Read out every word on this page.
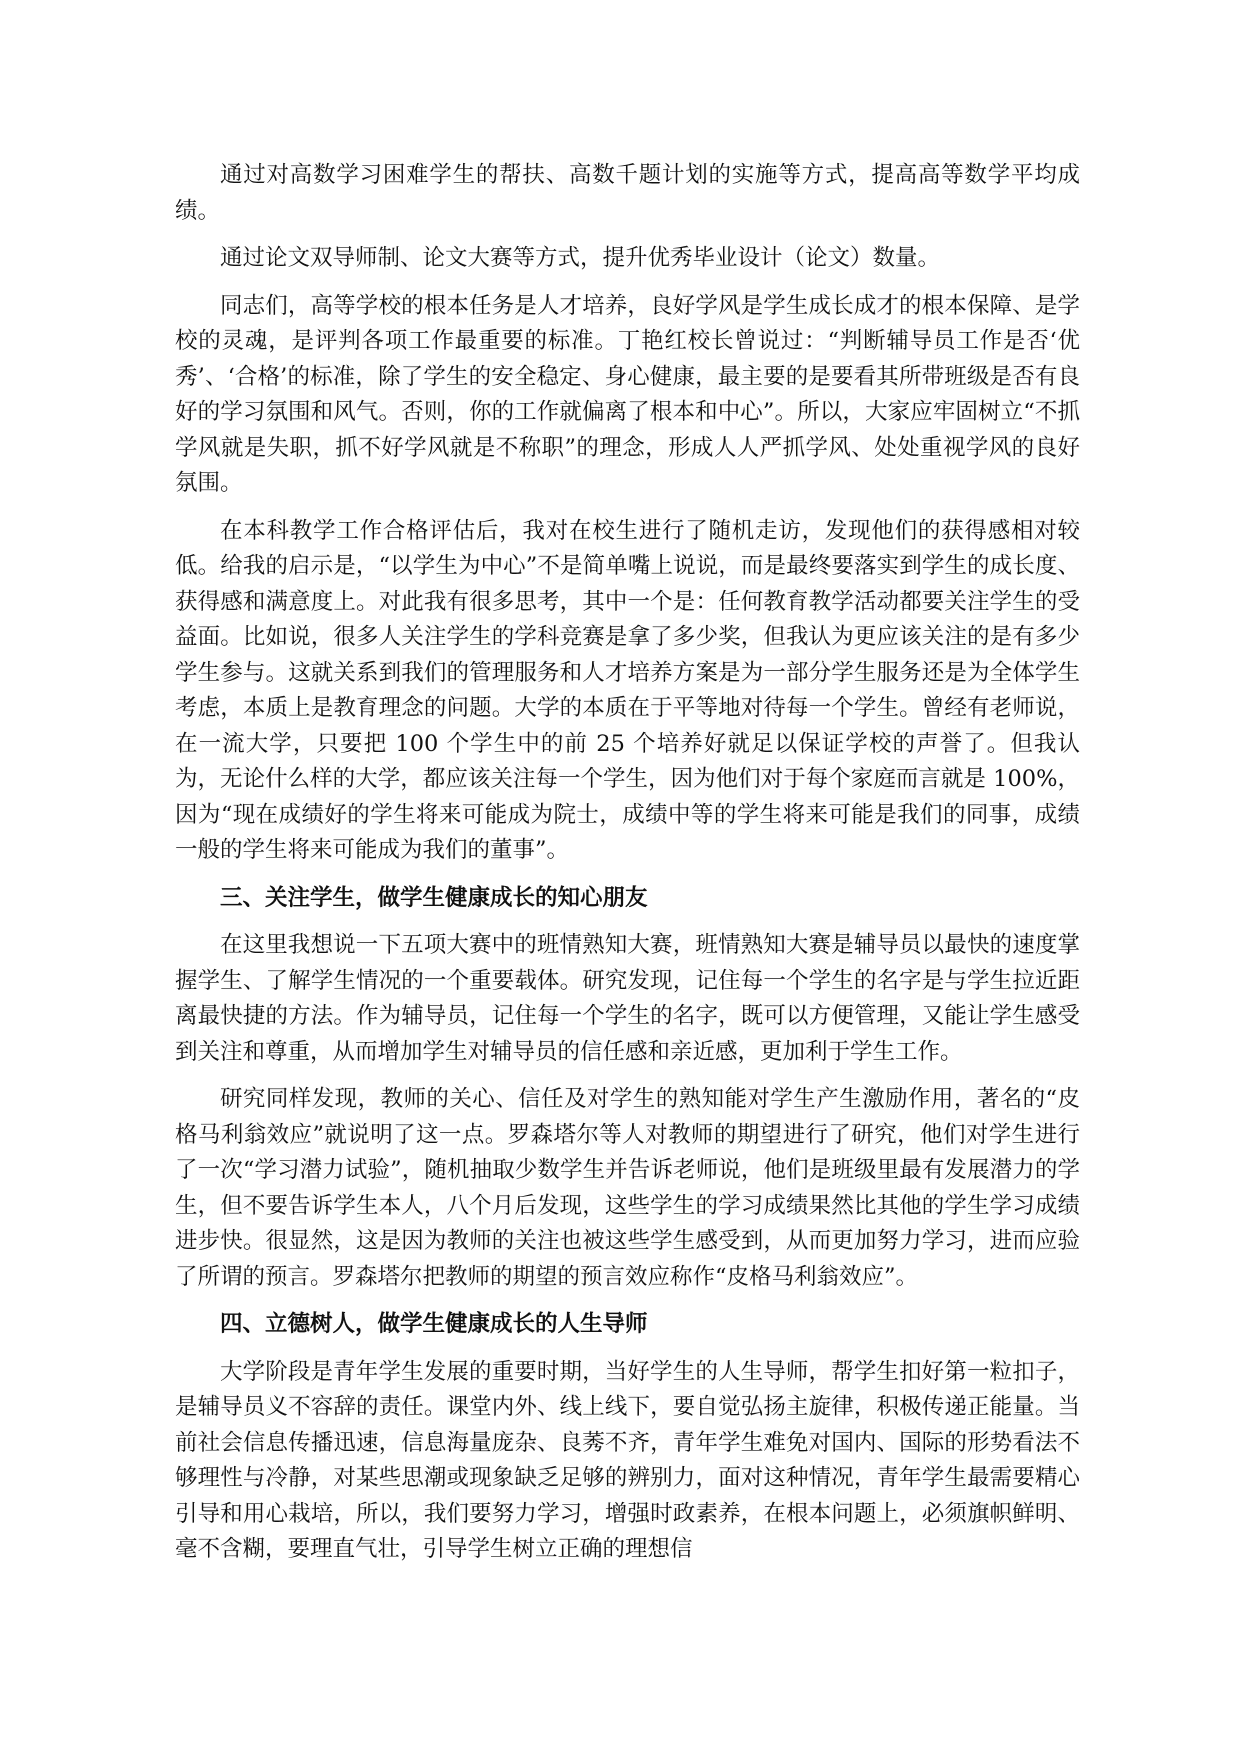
通过对高数学习困难学生的帮扶、高数千题计划的实施等方式，提高高等数学平均成绩。

通过论文双导师制、论文大赛等方式，提升优秀毕业设计（论文）数量。

同志们，高等学校的根本任务是人才培养，良好学风是学生成长成才的根本保障、是学校的灵魂，是评判各项工作最重要的标准。丁艳红校长曾说过：“判断辅导员工作是否‘优秀’、‘合格’的标准，除了学生的安全稳定、身心健康，最主要的是要看其所带班级是否有良好的学习氛围和风气。否则，你的工作就偏离了根本和中心”。所以，大家应牢固树立“不抓学风就是失职，抓不好学风就是不称职”的理念，形成人人严抓学风、处处重视学风的良好氛围。

在本科教学工作合格评估后，我对在校生进行了随机走访，发现他们的获得感相对较低。给我的启示是，“以学生为中心”不是简单嘴上说说，而是最终要落实到学生的成长度、获得感和满意度上。对此我有很多思考，其中一个是：任何教育教学活动都要关注学生的受益面。比如说，很多人关注学生的学科竞赛是拿了多少奖，但我认为更应该关注的是有多少学生参与。这就关系到我们的管理服务和人才培养方案是为一部分学生服务还是为全体学生考虑，本质上是教育理念的问题。大学的本质在于平等地对待每一个学生。曾经有老师说，在一流大学，只要把 100 个学生中的前 25 个培养好就足以保证学校的声誉了。但我认为，无论什么样的大学，都应该关注每一个学生，因为他们对于每个家庭而言就是 100%，因为“现在成绩好的学生将来可能成为院士，成绩中等的学生将来可能是我们的同事，成绩一般的学生将来可能成为我们的董事”。

三、关注学生，做学生健康成长的知心朋友

在这里我想说一下五项大赛中的班情熟知大赛，班情熟知大赛是辅导员以最快的速度掌握学生、了解学生情况的一个重要载体。研究发现，记住每一个学生的名字是与学生拉近距离最快捷的方法。作为辅导员，记住每一个学生的名字，既可以方便管理，又能让学生感受到关注和尊重，从而增加学生对辅导员的信任感和亲近感，更加利于学生工作。

研究同样发现，教师的关心、信任及对学生的熟知能对学生产生激励作用，著名的“皮格马利翁效应”就说明了这一点。罗森塔尔等人对教师的期望进行了研究，他们对学生进行了一次“学习潜力试验”，随机抽取少数学生并告诉老师说，他们是班级里最有发展潜力的学生，但不要告诉学生本人，八个月后发现，这些学生的学习成绩果然比其他的学生学习成绩进步快。很显然，这是因为教师的关注也被这些学生感受到，从而更加努力学习，进而应验了所谓的预言。罗森塔尔把教师的期望的预言效应称作“皮格马利翁效应”。

四、立德树人，做学生健康成长的人生导师

大学阶段是青年学生发展的重要时期，当好学生的人生导师，帮学生扣好第一粒扣子，是辅导员义不容辞的责任。课堂内外、线上线下，要自觉弘扬主旋律，积极传递正能量。当前社会信息传播迅速，信息海量庞杂、良莠不齐，青年学生难免对国内、国际的形势看法不够理性与冷静，对某些思潮或现象缺乏足够的辨别力，面对这种情况，青年学生最需要精心引导和用心栽培，所以，我们要努力学习，增强时政素养，在根本问题上，必须旗帜鲜明、毫不含糊，要理直气壮，引导学生树立正确的理想信
